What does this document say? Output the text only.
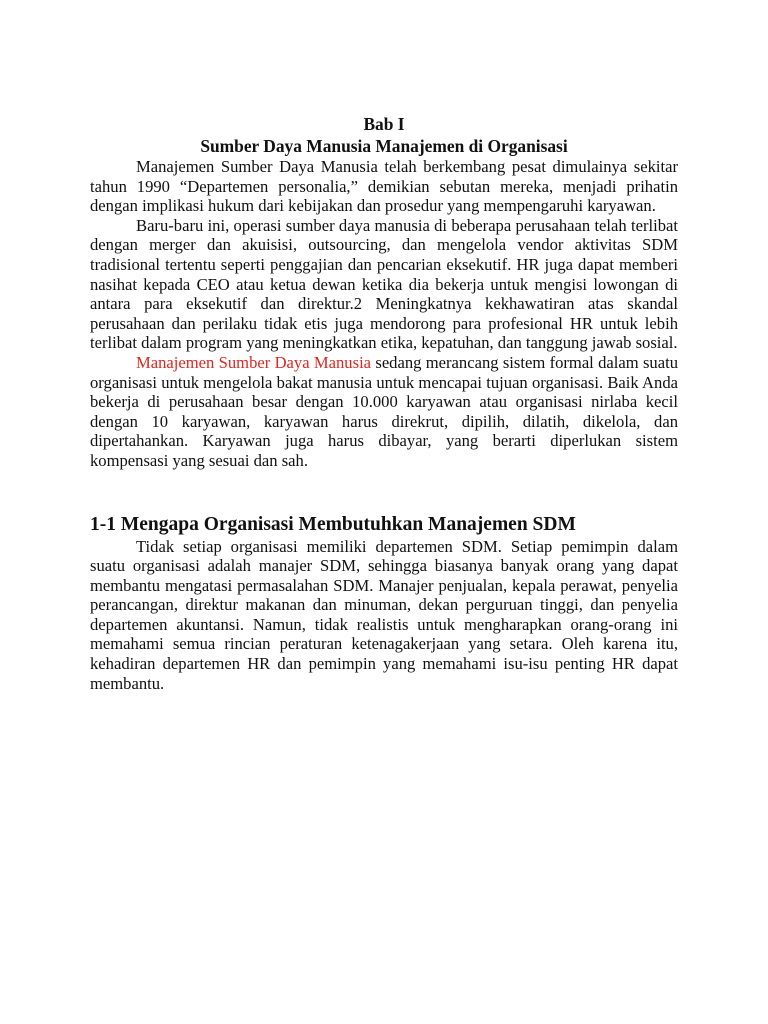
Bab I
Sumber Daya Manusia Manajemen di Organisasi

Manajemen Sumber Daya Manusia telah berkembang pesat dimulainya sekitar tahun 1990 “Departemen personalia,” demikian sebutan mereka, menjadi prihatin dengan implikasi hukum dari kebijakan dan prosedur yang mempengaruhi karyawan.

Baru-baru ini, operasi sumber daya manusia di beberapa perusahaan telah terlibat dengan merger dan akuisisi, outsourcing, dan mengelola vendor aktivitas SDM tradisional tertentu seperti penggajian dan pencarian eksekutif. HR juga dapat memberi nasihat kepada CEO atau ketua dewan ketika dia bekerja untuk mengisi lowongan di antara para eksekutif dan direktur.2 Meningkatnya kekhawatiran atas skandal perusahaan dan perilaku tidak etis juga mendorong para profesional HR untuk lebih terlibat dalam program yang meningkatkan etika, kepatuhan, dan tanggung jawab sosial.

Manajemen Sumber Daya Manusia sedang merancang sistem formal dalam suatu organisasi untuk mengelola bakat manusia untuk mencapai tujuan organisasi. Baik Anda bekerja di perusahaan besar dengan 10.000 karyawan atau organisasi nirlaba kecil dengan 10 karyawan, karyawan harus direkrut, dipilih, dilatih, dikelola, dan dipertahankan. Karyawan juga harus dibayar, yang berarti diperlukan sistem kompensasi yang sesuai dan sah.

1-1 Mengapa Organisasi Membutuhkan Manajemen SDM

Tidak setiap organisasi memiliki departemen SDM. Setiap pemimpin dalam suatu organisasi adalah manajer SDM, sehingga biasanya banyak orang yang dapat membantu mengatasi permasalahan SDM. Manajer penjualan, kepala perawat, penyelia perancangan, direktur makanan dan minuman, dekan perguruan tinggi, dan penyelia departemen akuntansi. Namun, tidak realistis untuk mengharapkan orang-orang ini memahami semua rincian peraturan ketenagakerjaan yang setara. Oleh karena itu, kehadiran departemen HR dan pemimpin yang memahami isu-isu penting HR dapat membantu.
